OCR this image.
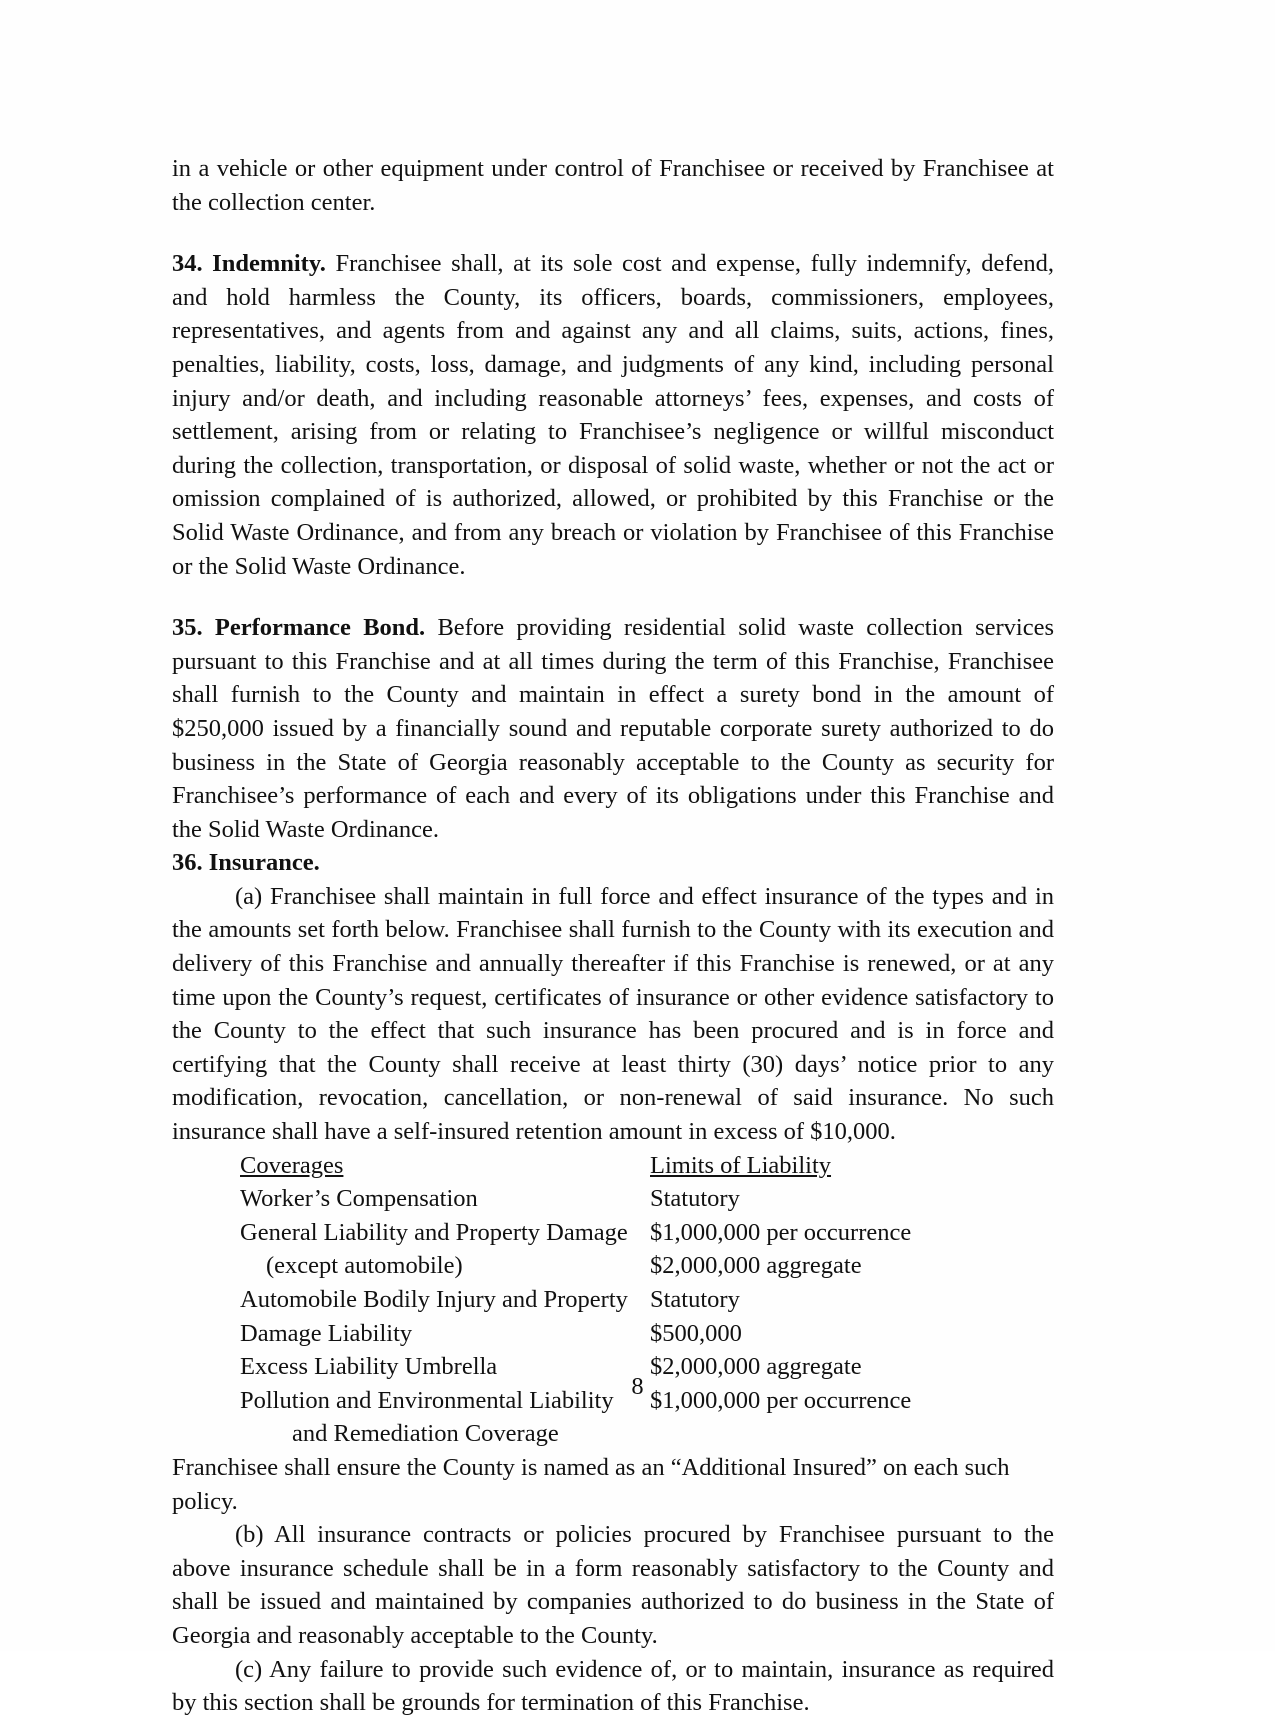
in a vehicle or other equipment under control of Franchisee or received by Franchisee at the collection center.

34. Indemnity. Franchisee shall, at its sole cost and expense, fully indemnify, defend, and hold harmless the County, its officers, boards, commissioners, employees, representatives, and agents from and against any and all claims, suits, actions, fines, penalties, liability, costs, loss, damage, and judgments of any kind, including personal injury and/or death, and including reasonable attorneys’ fees, expenses, and costs of settlement, arising from or relating to Franchisee’s negligence or willful misconduct during the collection, transportation, or disposal of solid waste, whether or not the act or omission complained of is authorized, allowed, or prohibited by this Franchise or the Solid Waste Ordinance, and from any breach or violation by Franchisee of this Franchise or the Solid Waste Ordinance.

35. Performance Bond. Before providing residential solid waste collection services pursuant to this Franchise and at all times during the term of this Franchise, Franchisee shall furnish to the County and maintain in effect a surety bond in the amount of $250,000 issued by a financially sound and reputable corporate surety authorized to do business in the State of Georgia reasonably acceptable to the County as security for Franchisee’s performance of each and every of its obligations under this Franchise and the Solid Waste Ordinance.

36. Insurance.

(a) Franchisee shall maintain in full force and effect insurance of the types and in the amounts set forth below. Franchisee shall furnish to the County with its execution and delivery of this Franchise and annually thereafter if this Franchise is renewed, or at any time upon the County’s request, certificates of insurance or other evidence satisfactory to the County to the effect that such insurance has been procured and is in force and certifying that the County shall receive at least thirty (30) days’ notice prior to any modification, revocation, cancellation, or non-renewal of said insurance. No such insurance shall have a self-insured retention amount in excess of $10,000.

Coverages	Limits of Liability
Worker’s Compensation	Statutory
General Liability and Property Damage	$1,000,000 per occurrence
(except automobile)	$2,000,000 aggregate
Automobile Bodily Injury and Property	Statutory
Damage Liability	$500,000
Excess Liability Umbrella	$2,000,000 aggregate
Pollution and Environmental Liability	$1,000,000 per occurrence
and Remediation Coverage	

Franchisee shall ensure the County is named as an “Additional Insured” on each such policy.

(b) All insurance contracts or policies procured by Franchisee pursuant to the above insurance schedule shall be in a form reasonably satisfactory to the County and shall be issued and maintained by companies authorized to do business in the State of Georgia and reasonably acceptable to the County.

(c) Any failure to provide such evidence of, or to maintain, insurance as required by this section shall be grounds for termination of this Franchise.

8
